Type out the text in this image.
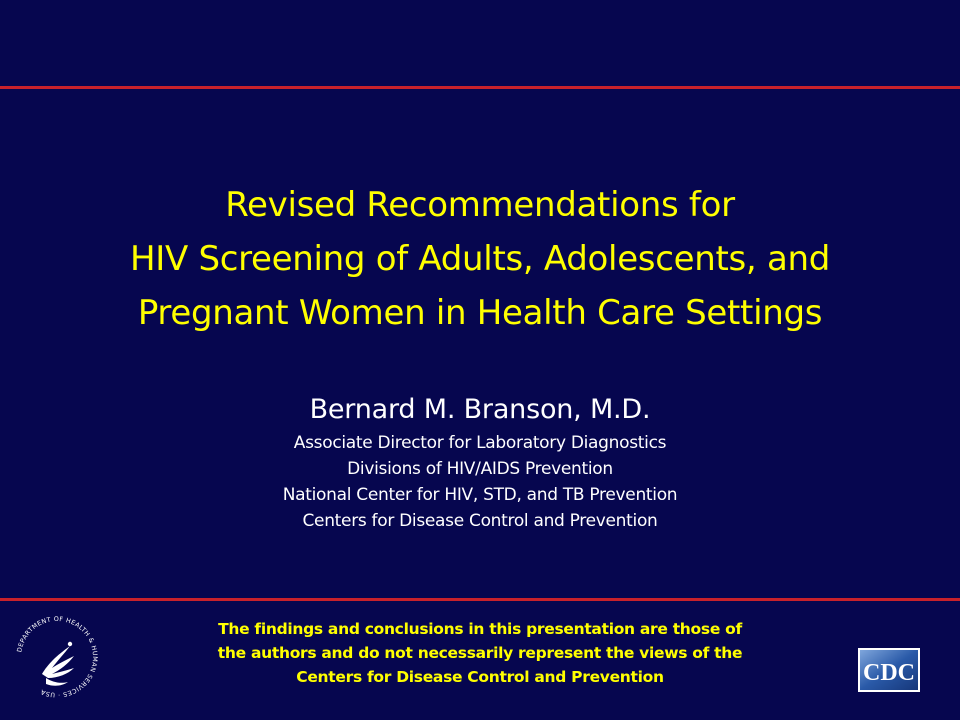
Revised Recommendations for
HIV Screening of Adults, Adolescents, and
Pregnant Women in Health Care Settings
Bernard M. Branson, M.D.
Associate Director for Laboratory Diagnostics
Divisions of HIV/AIDS Prevention
National Center for HIV, STD, and TB Prevention
Centers for Disease Control and Prevention
DEPARTMENT OF HEALTH & HUMAN SERVICES · USA
The findings and conclusions in this presentation are those of
the authors and do not necessarily represent the views of the
Centers for Disease Control and Prevention	CDC
